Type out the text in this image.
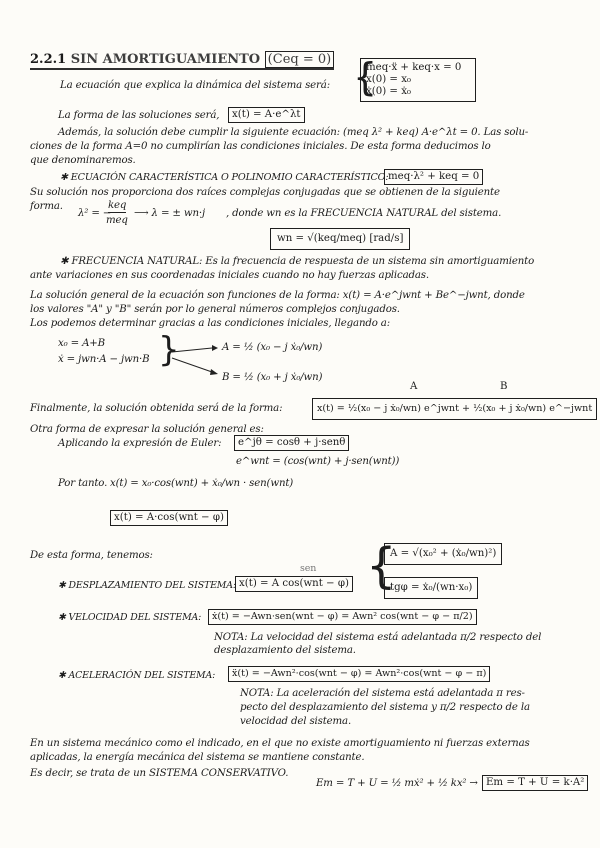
2.2.1 SIN AMORTIGUAMIENTO (Ceq = 0)
meq·ẍ + keq·x = 0
x(0) = x₀
ẋ(0) = ẋ₀
{
La ecuación que explica la dinámica del sistema será:
La forma de las soluciones será,	x(t) = A·e^λt
Además, la solución debe cumplir la siguiente ecuación: (meq λ² + keq) A·e^λt = 0. Las solu-
ciones de la forma A=0 no cumplirían las condiciones iniciales. De esta forma deducimos lo
que denominaremos.
✱ ECUACIÓN CARACTERÍSTICA O POLINOMIO CARACTERÍSTICO: meq·λ² + keq = 0
Su solución nos proporciona dos raíces complejas conjugadas que se obtienen de la siguiente
forma.
λ² = −
keq
meq
⟶ λ = ± wn·j , donde wn es la FRECUENCIA NATURAL del sistema.
wn = √(keq/meq) [rad/s]
✱ FRECUENCIA NATURAL: Es la frecuencia de respuesta de un sistema sin amortiguamiento
ante variaciones en sus coordenadas iniciales cuando no hay fuerzas aplicadas.
La solución general de la ecuación son funciones de la forma: x(t) = A·e^jwnt + Be^−jwnt, donde
los valores "A" y "B" serán por lo general números complejos conjugados.
Los podemos determinar gracias a las condiciones iniciales, llegando a:
x₀ = A+B
ẋ = jwn·A − jwn·B }	A = ½ (x₀ − j ẋ₀/wn)
B = ½ (x₀ + j ẋ₀/wn)
Finalmente, la solución obtenida será de la forma:
A	B
x(t) = ½(x₀ − j ẋ₀/wn) e^jwnt + ½(x₀ + j ẋ₀/wn) e^−jwnt
Otra forma de expresar la solución general es:
Aplicando la expresión de Euler:	e^jθ = cosθ + j·senθ
e^wnt = (cos(wnt) + j·sen(wnt))
Por tanto. x(t) = x₀·cos(wnt) + ẋ₀/wn · sen(wnt)
x(t) = A·cos(wnt − φ)
De esta forma, tenemos:	{
A = √(x₀² + (ẋ₀/wn)²)
tgφ = ẋ₀/(wn·x₀)
sen
✱ DESPLAZAMIENTO DEL SISTEMA: x(t) = A cos(wnt − φ)
✱ VELOCIDAD DEL SISTEMA:	ẋ(t) = −Awn·sen(wnt − φ) = Awn² cos(wnt − φ − π/2)
NOTA: La velocidad del sistema está adelantada π/2 respecto del
desplazamiento del sistema.
✱ ACELERACIÓN DEL SISTEMA:	ẍ(t) = −Awn²·cos(wnt − φ) = Awn²·cos(wnt − φ − π)
NOTA: La aceleración del sistema está adelantada π res-
pecto del desplazamiento del sistema y π/2 respecto de la
velocidad del sistema.
En un sistema mecánico como el indicado, en el que no existe amortiguamiento ni fuerzas externas
aplicadas, la energía mecánica del sistema se mantiene constante.
Es decir, se trata de un SISTEMA CONSERVATIVO.
Em = T + U = ½ mẋ² + ½ kx² → Em = T + U = k·A²
